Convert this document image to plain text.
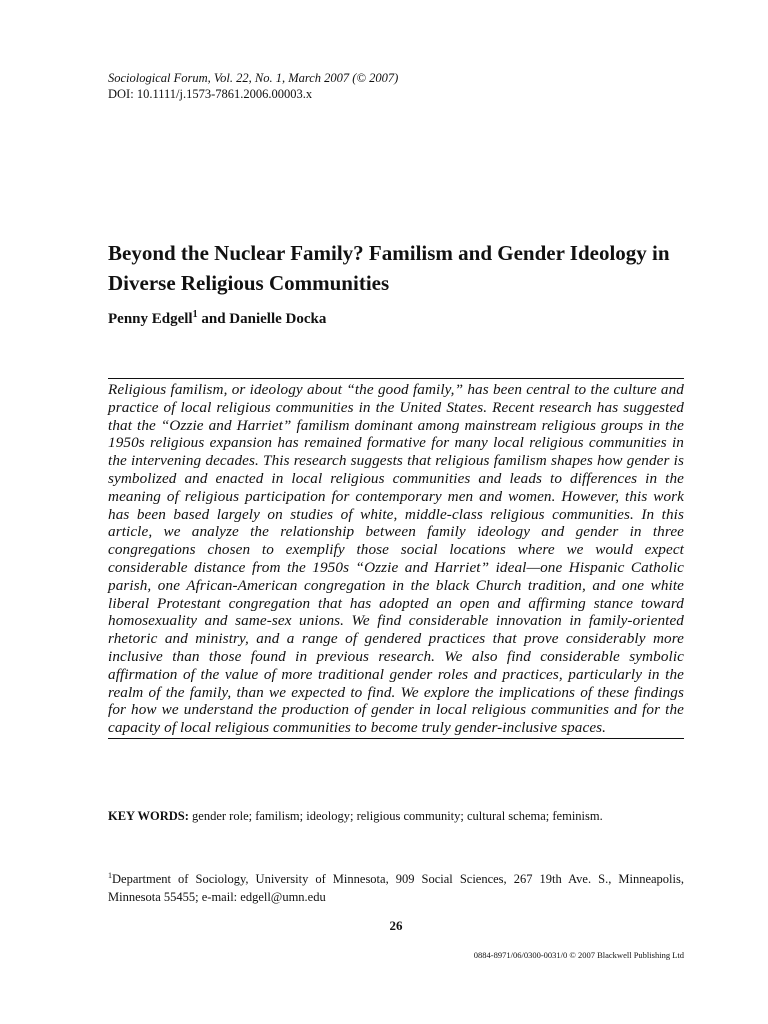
Sociological Forum, Vol. 22, No. 1, March 2007 (© 2007)

DOI: 10.1111/j.1573-7861.2006.00003.x

Beyond the Nuclear Family? Familism and Gender Ideology in Diverse Religious Communities

Penny Edgell$^1$ and Danielle Docka

Religious familism, or ideology about “the good family,” has been central to the culture and practice of local religious communities in the United States. Recent research has suggested that the “Ozzie and Harriet” familism dominant among mainstream religious groups in the 1950s religious expansion has remained formative for many local religious communities in the intervening decades. This research suggests that religious familism shapes how gender is symbolized and enacted in local religious communities and leads to differences in the meaning of religious participation for contemporary men and women. However, this work has been based largely on studies of white, middle-class religious communities. In this article, we analyze the relationship between family ideology and gender in three congregations chosen to exemplify those social locations where we would expect considerable distance from the 1950s “Ozzie and Harriet” ideal—one Hispanic Catholic parish, one African-American congregation in the black Church tradition, and one white liberal Protestant congregation that has adopted an open and affirming stance toward homosexuality and same-sex unions. We find considerable innovation in family-oriented rhetoric and ministry, and a range of gendered practices that prove considerably more inclusive than those found in previous research. We also find considerable symbolic affirmation of the value of more traditional gender roles and practices, particularly in the realm of the family, than we expected to find. We explore the implications of these findings for how we understand the production of gender in local religious communities and for the capacity of local religious communities to become truly gender-inclusive spaces.

KEY WORDS: gender role; familism; ideology; religious community; cultural schema; feminism.

$^1$Department of Sociology, University of Minnesota, 909 Social Sciences, 267 19th Ave. S., Minneapolis, Minnesota 55455; e-mail: edgell@umn.edu

26

0884-8971/06/0300-0031/0 © 2007 Blackwell Publishing Ltd
